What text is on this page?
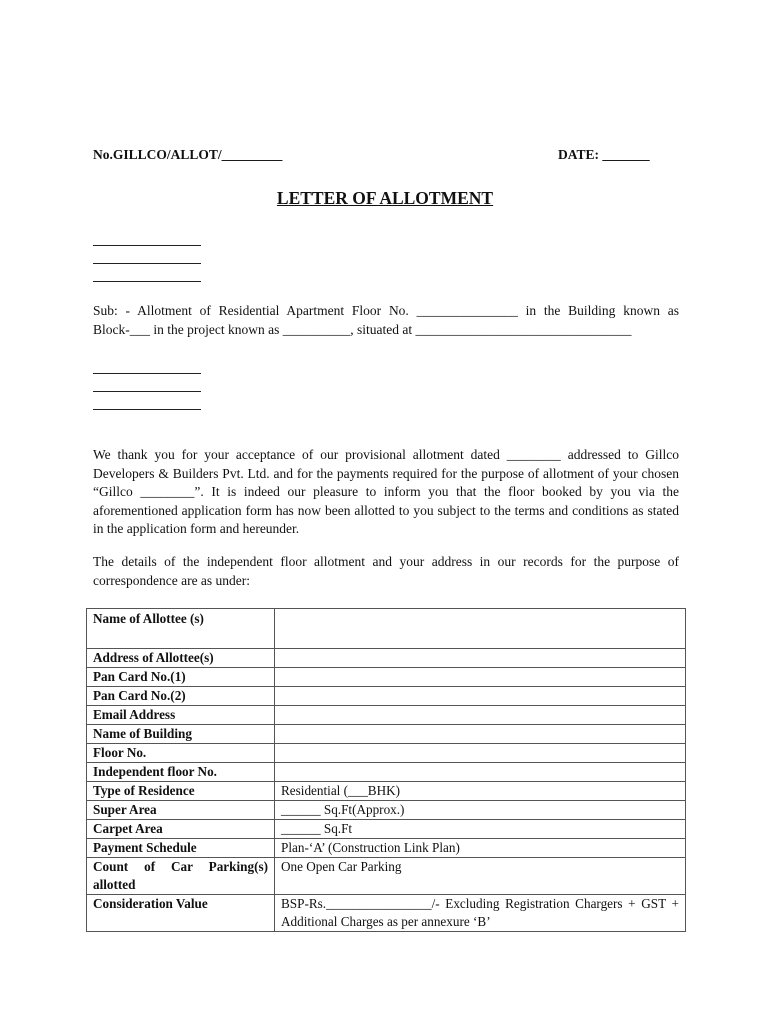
No.GILLCO/ALLOT/_________	DATE: _______
LETTER OF ALLOTMENT
Sub: - Allotment of Residential Apartment Floor No. _______________ in the Building known as
Block-___ in the project known as __________, situated at ________________________________
We thank you for your acceptance of our provisional allotment dated ________ addressed to Gillco Developers & Builders Pvt. Ltd. and for the payments required for the purpose of allotment of your chosen “Gillco ________”. It is indeed our pleasure to inform you that the floor booked by you via the aforementioned application form has now been allotted to you subject to the terms and conditions as stated in the application form and hereunder.
The details of the independent floor allotment and your address in our records for the purpose of correspondence are as under:
Name of Allottee (s)	
Address of Allottee(s)	
Pan Card No.(1)	
Pan Card No.(2)	
Email Address	
Name of Building	
Floor No.	
Independent floor No.	
Type of Residence	Residential (___BHK)
Super Area	______ Sq.Ft(Approx.)
Carpet Area	______ Sq.Ft
Payment Schedule	Plan-‘A’ (Construction Link Plan)
Count of Car Parking(s) allotted	One Open Car Parking
Consideration Value	BSP-Rs.________________/- Excluding Registration Chargers + GST + Additional Charges as per annexure ‘B’
